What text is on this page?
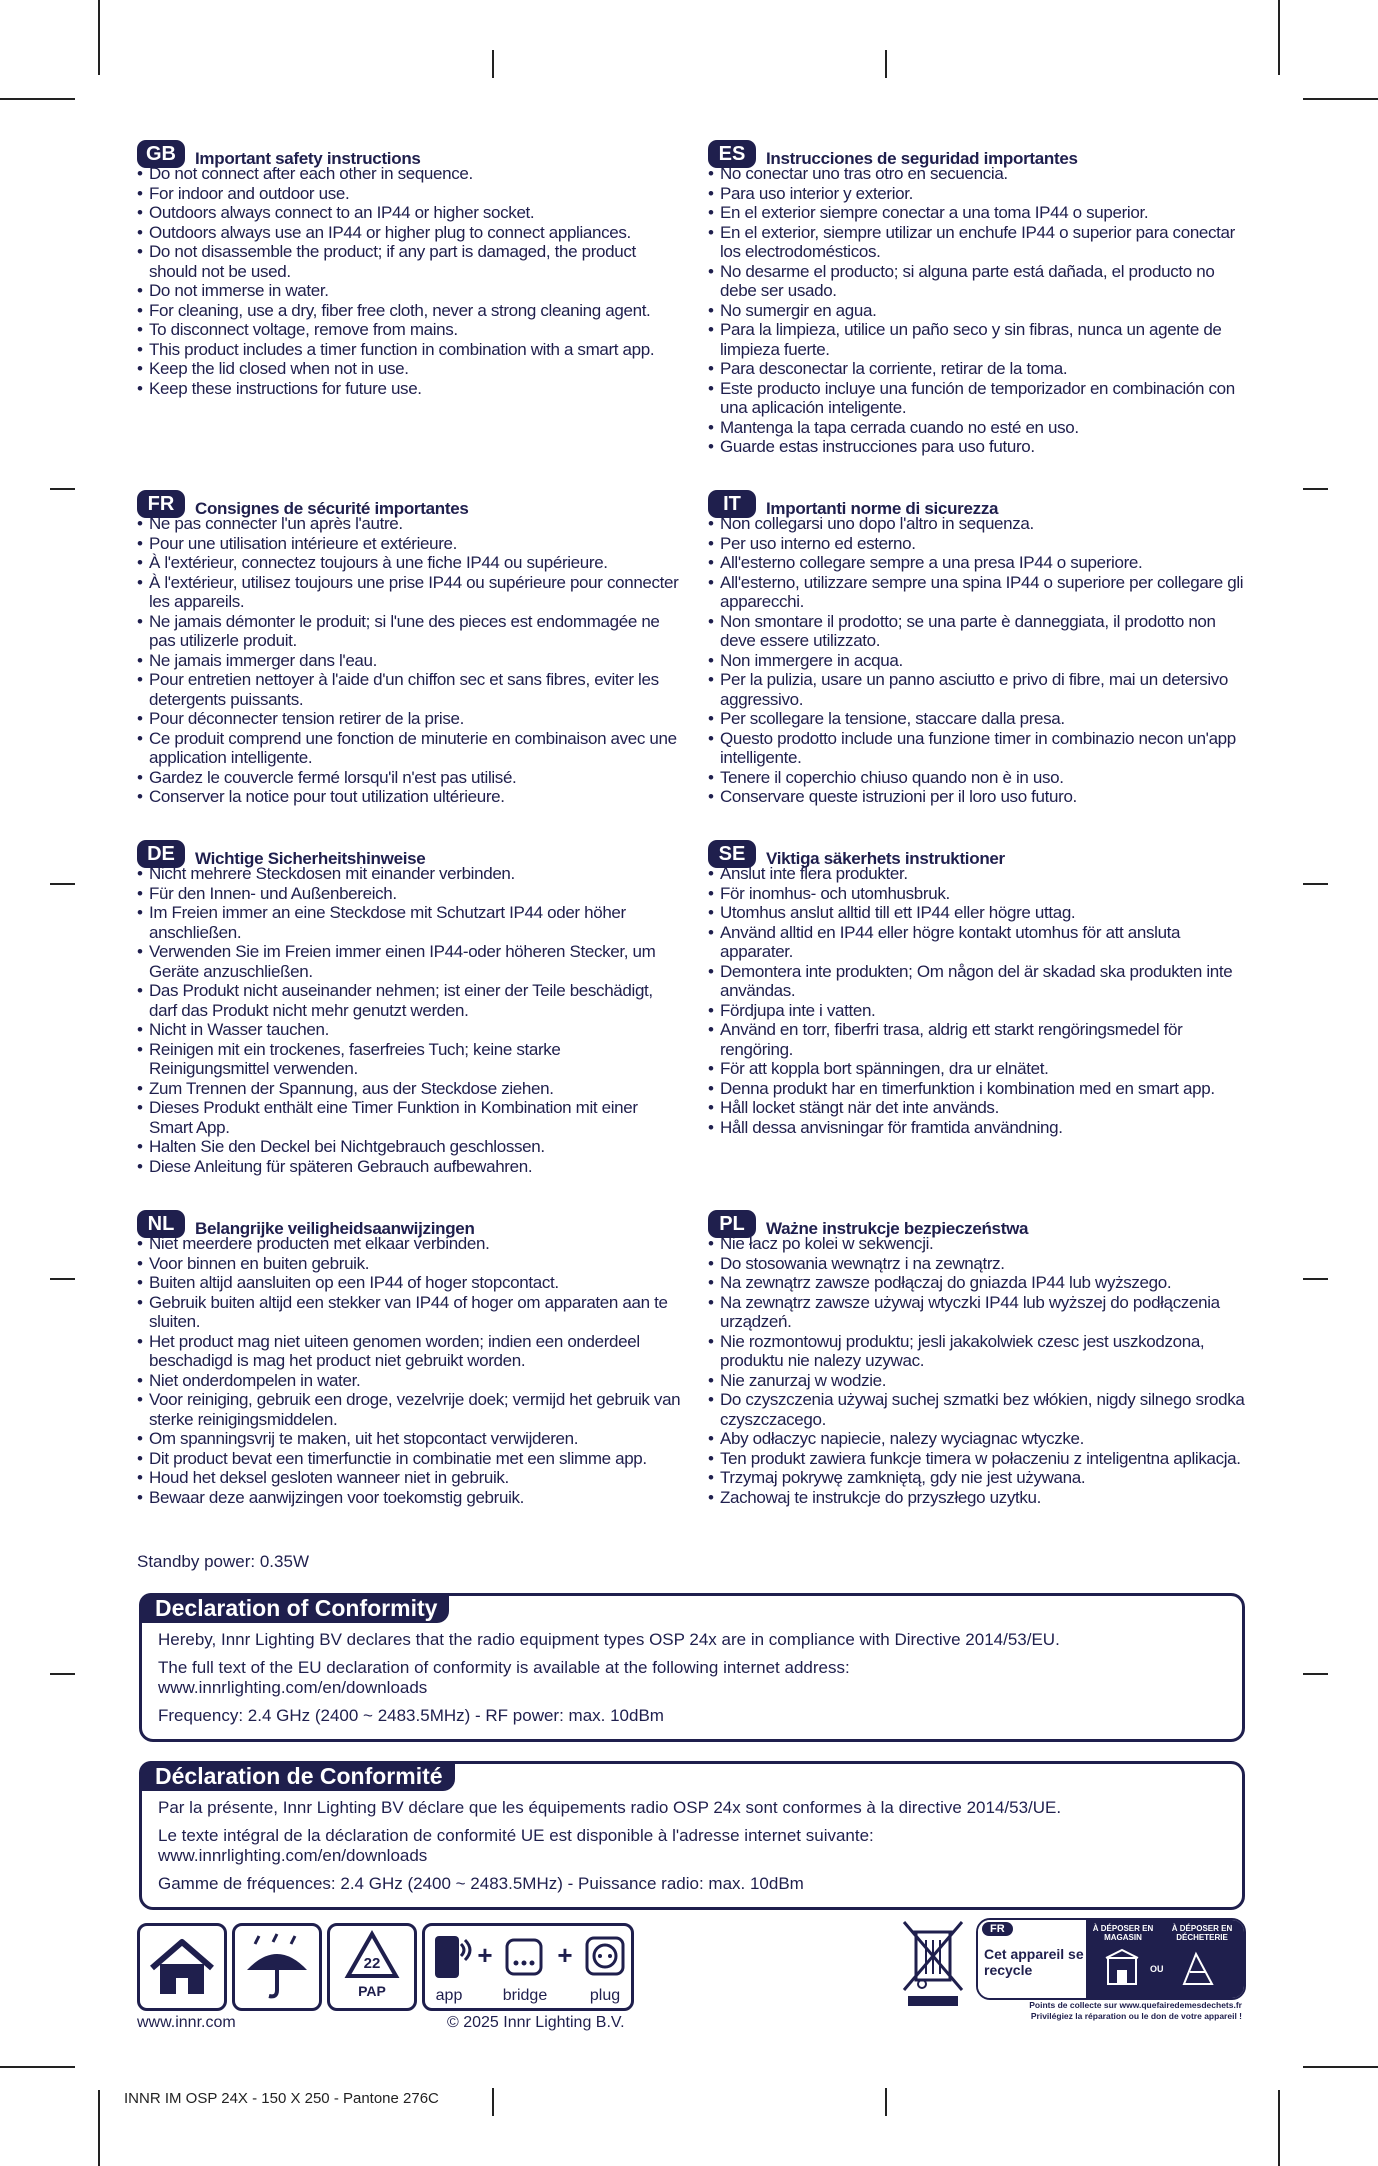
GB	Important safety instructions
• Do not connect after each other in sequence.
• For indoor and outdoor use.
• Outdoors always connect to an IP44 or higher socket.
• Outdoors always use an IP44 or higher plug to connect appliances.
• Do not disassemble the product; if any part is damaged, the product should not be used.
• Do not immerse in water.
• For cleaning, use a dry, fiber free cloth, never a strong cleaning agent.
• To disconnect voltage, remove from mains.
• This product includes a timer function in combination with a smart app.
• Keep the lid closed when not in use.
• Keep these instructions for future use.
ES	Instrucciones de seguridad importantes
• No conectar uno tras otro en secuencia.
• Para uso interior y exterior.
• En el exterior siempre conectar a una toma IP44 o superior.
• En el exterior, siempre utilizar un enchufe IP44 o superior para conectar los electrodomésticos.
• No desarme el producto; si alguna parte está dañada, el producto no debe ser usado.
• No sumergir en agua.
• Para la limpieza, utilice un paño seco y sin fibras, nunca un agente de limpieza fuerte.
• Para desconectar la corriente, retirar de la toma.
• Este producto incluye una función de temporizador en combinación con una aplicación inteligente.
• Mantenga la tapa cerrada cuando no esté en uso.
• Guarde estas instrucciones para uso futuro.
FR	Consignes de sécurité importantes
• Ne pas connecter l'un après l'autre.
• Pour une utilisation intérieure et extérieure.
• À l'extérieur, connectez toujours à une fiche IP44 ou supérieure.
• À l'extérieur, utilisez toujours une prise IP44 ou supérieure pour connecter les appareils.
• Ne jamais démonter le produit; si l'une des pieces est endommagée ne pas utilizerle produit.
• Ne jamais immerger dans l'eau.
• Pour entretien nettoyer à l'aide d'un chiffon sec et sans fibres, eviter les detergents puissants.
• Pour déconnecter tension retirer de la prise.
• Ce produit comprend une fonction de minuterie en combinaison avec une application intelligente.
• Gardez le couvercle fermé lorsqu'il n'est pas utilisé.
• Conserver la notice pour tout utilization ultérieure.
IT	Importanti norme di sicurezza
• Non collegarsi uno dopo l'altro in sequenza.
• Per uso interno ed esterno.
• All'esterno collegare sempre a una presa IP44 o superiore.
• All'esterno, utilizzare sempre una spina IP44 o superiore per collegare gli apparecchi.
• Non smontare il prodotto; se una parte è danneggiata, il prodotto non deve essere utilizzato.
• Non immergere in acqua.
• Per la pulizia, usare un panno asciutto e privo di fibre, mai un detersivo aggressivo.
• Per scollegare la tensione, staccare dalla presa.
• Questo prodotto include una funzione timer in combinazio necon un'app intelligente.
• Tenere il coperchio chiuso quando non è in uso.
• Conservare queste istruzioni per il loro uso futuro.
DE	Wichtige Sicherheitshinweise
• Nicht mehrere Steckdosen mit einander verbinden.
• Für den Innen- und Außenbereich.
• Im Freien immer an eine Steckdose mit Schutzart IP44 oder höher anschließen.
• Verwenden Sie im Freien immer einen IP44-oder höheren Stecker, um Geräte anzuschließen.
• Das Produkt nicht auseinander nehmen; ist einer der Teile beschädigt, darf das Produkt nicht mehr genutzt werden.
• Nicht in Wasser tauchen.
• Reinigen mit ein trockenes, faserfreies Tuch; keine starke Reinigungsmittel verwenden.
• Zum Trennen der Spannung, aus der Steckdose ziehen.
• Dieses Produkt enthält eine Timer Funktion in Kombination mit einer Smart App.
• Halten Sie den Deckel bei Nichtgebrauch geschlossen.
• Diese Anleitung für späteren Gebrauch aufbewahren.
SE	Viktiga säkerhets instruktioner
• Anslut inte flera produkter.
• För inomhus- och utomhusbruk.
• Utomhus anslut alltid till ett IP44 eller högre uttag.
• Använd alltid en IP44 eller högre kontakt utomhus för att ansluta apparater.
• Demontera inte produkten; Om någon del är skadad ska produkten inte användas.
• Fördjupa inte i vatten.
• Använd en torr, fiberfri trasa, aldrig ett starkt rengöringsmedel för rengöring.
• För att koppla bort spänningen, dra ur elnätet.
• Denna produkt har en timerfunktion i kombination med en smart app.
• Håll locket stängt när det inte används.
• Håll dessa anvisningar för framtida användning.
NL	Belangrijke veiligheidsaanwijzingen
• Niet meerdere producten met elkaar verbinden.
• Voor binnen en buiten gebruik.
• Buiten altijd aansluiten op een IP44 of hoger stopcontact.
• Gebruik buiten altijd een stekker van IP44 of hoger om apparaten aan te sluiten.
• Het product mag niet uiteen genomen worden; indien een onderdeel beschadigd is mag het product niet gebruikt worden.
• Niet onderdompelen in water.
• Voor reiniging, gebruik een droge, vezelvrije doek; vermijd het gebruik van sterke reinigingsmiddelen.
• Om spanningsvrij te maken, uit het stopcontact verwijderen.
• Dit product bevat een timerfunctie in combinatie met een slimme app.
• Houd het deksel gesloten wanneer niet in gebruik.
• Bewaar deze aanwijzingen voor toekomstig gebruik.
PL	Ważne instrukcje bezpieczeństwa
• Nie łacz po kolei w sekwencji.
• Do stosowania wewnątrz i na zewnątrz.
• Na zewnątrz zawsze podłączaj do gniazda IP44 lub wyższego.
• Na zewnątrz zawsze używaj wtyczki IP44 lub wyższej do podłączenia urządzeń.
• Nie rozmontowuj produktu; jesli jakakolwiek czesc jest uszkodzona, produktu nie nalezy uzywac.
• Nie zanurzaj w wodzie.
• Do czyszczenia używaj suchej szmatki bez włókien, nigdy silnego srodka czyszczacego.
• Aby odłaczyc napiecie, nalezy wyciagnac wtyczke.
• Ten produkt zawiera funkcje timera w połaczeniu z inteligentna aplikacja.
• Trzymaj pokrywę zamkniętą, gdy nie jest używana.
• Zachowaj te instrukcje do przyszłego uzytku.
Standby power: 0.35W
Declaration of Conformity

Hereby, Innr Lighting BV declares that the radio equipment types OSP 24x are in compliance with Directive 2014/53/EU.

The full text of the EU declaration of conformity is available at the following internet address:

www.innrlighting.com/en/downloads

Frequency: 2.4 GHz (2400 ~ 2483.5MHz) - RF power: max. 10dBm

Déclaration de Conformité

Par la présente, Innr Lighting BV déclare que les équipements radio OSP 24x sont conformes à la directive 2014/53/UE.

Le texte intégral de la déclaration de conformité UE est disponible à l'adresse internet suivante:

www.innrlighting.com/en/downloads

Gamme de fréquences: 2.4 GHz (2400 ~ 2483.5MHz) - Puissance radio: max. 10dBm

22
PAP
+ +
app	bridge	plug
FR
Cet appareil se recycle
À DÉPOSER EN MAGASIN
À DÉPOSER EN DÉCHETERIE
OU
Points de collecte sur www.quefairedemesdechets.fr
Privilégiez la réparation ou le don de votre appareil !
www.innr.com	© 2025 Innr Lighting B.V.
INNR IM OSP 24X - 150 X 250 - Pantone 276C
